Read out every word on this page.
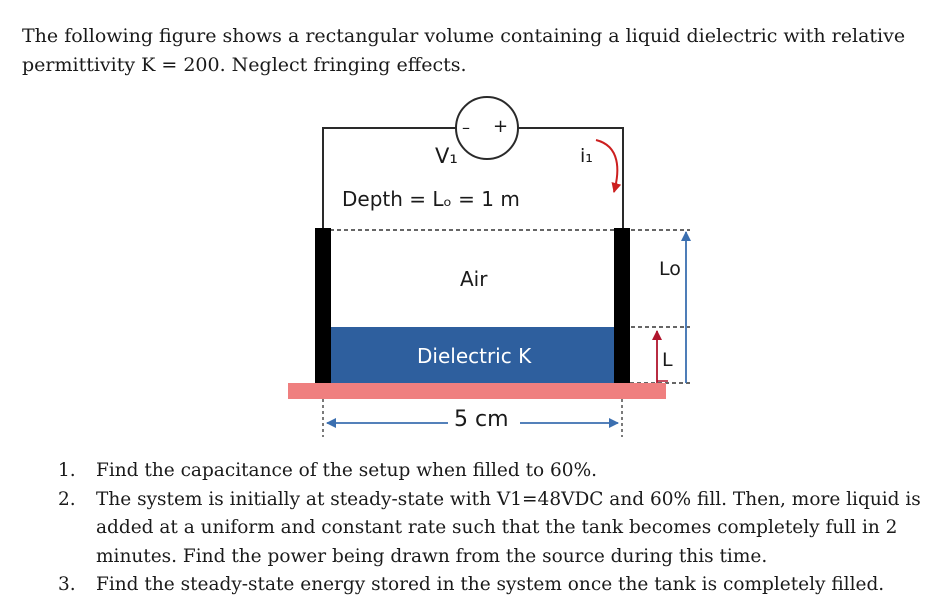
The following figure shows a rectangular volume containing a liquid dielectric with relative
permittivity K = 200. Neglect fringing effects.

– +
V₁	i₁
Depth = Lₒ = 1 m
Air
Dielectric K
5 cm
Lo
L
1. Find the capacitance of the setup when filled to 60%.
2. The system is initially at steady-state with V1=48VDC and 60% fill. Then, more liquid is added at a uniform and constant rate such that the tank becomes completely full in 2 minutes. Find the power being drawn from the source during this time.
3. Find the steady-state energy stored in the system once the tank is completely filled.
